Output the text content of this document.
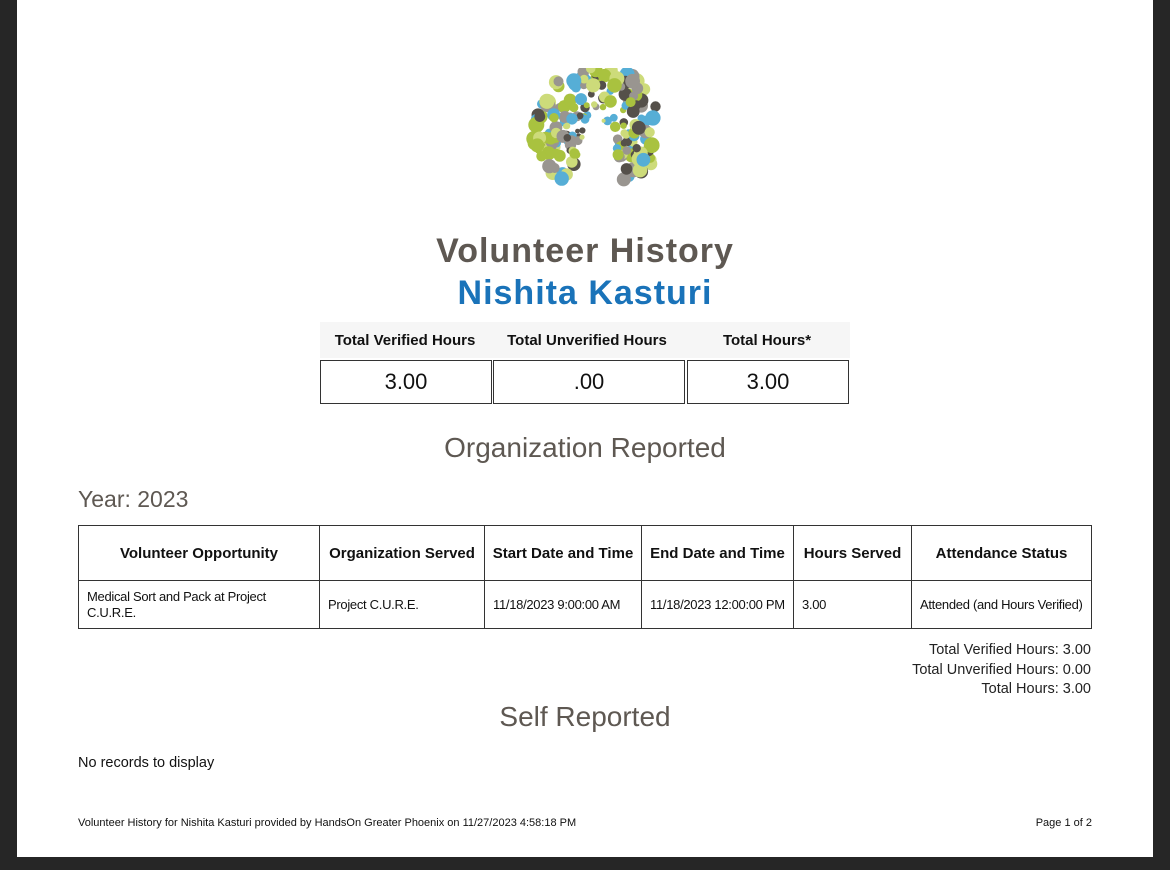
Volunteer History
Nishita Kasturi
Total Verified Hours	Total Unverified Hours	Total Hours*
3.00	.00	3.00
Organization Reported
Year: 2023
Volunteer Opportunity	Organization Served	Start Date and Time	End Date and Time	Hours Served	Attendance Status
Medical Sort and Pack at Project C.U.R.E.	Project C.U.R.E.	11/18/2023 9:00:00 AM	11/18/2023 12:00:00 PM	3.00	Attended (and Hours Verified)
Total Verified Hours: 3.00
Total Unverified Hours: 0.00
Total Hours: 3.00
Self Reported
No records to display
Volunteer History for Nishita Kasturi provided by HandsOn Greater Phoenix on 11/27/2023 4:58:18 PM	Page 1 of 2
